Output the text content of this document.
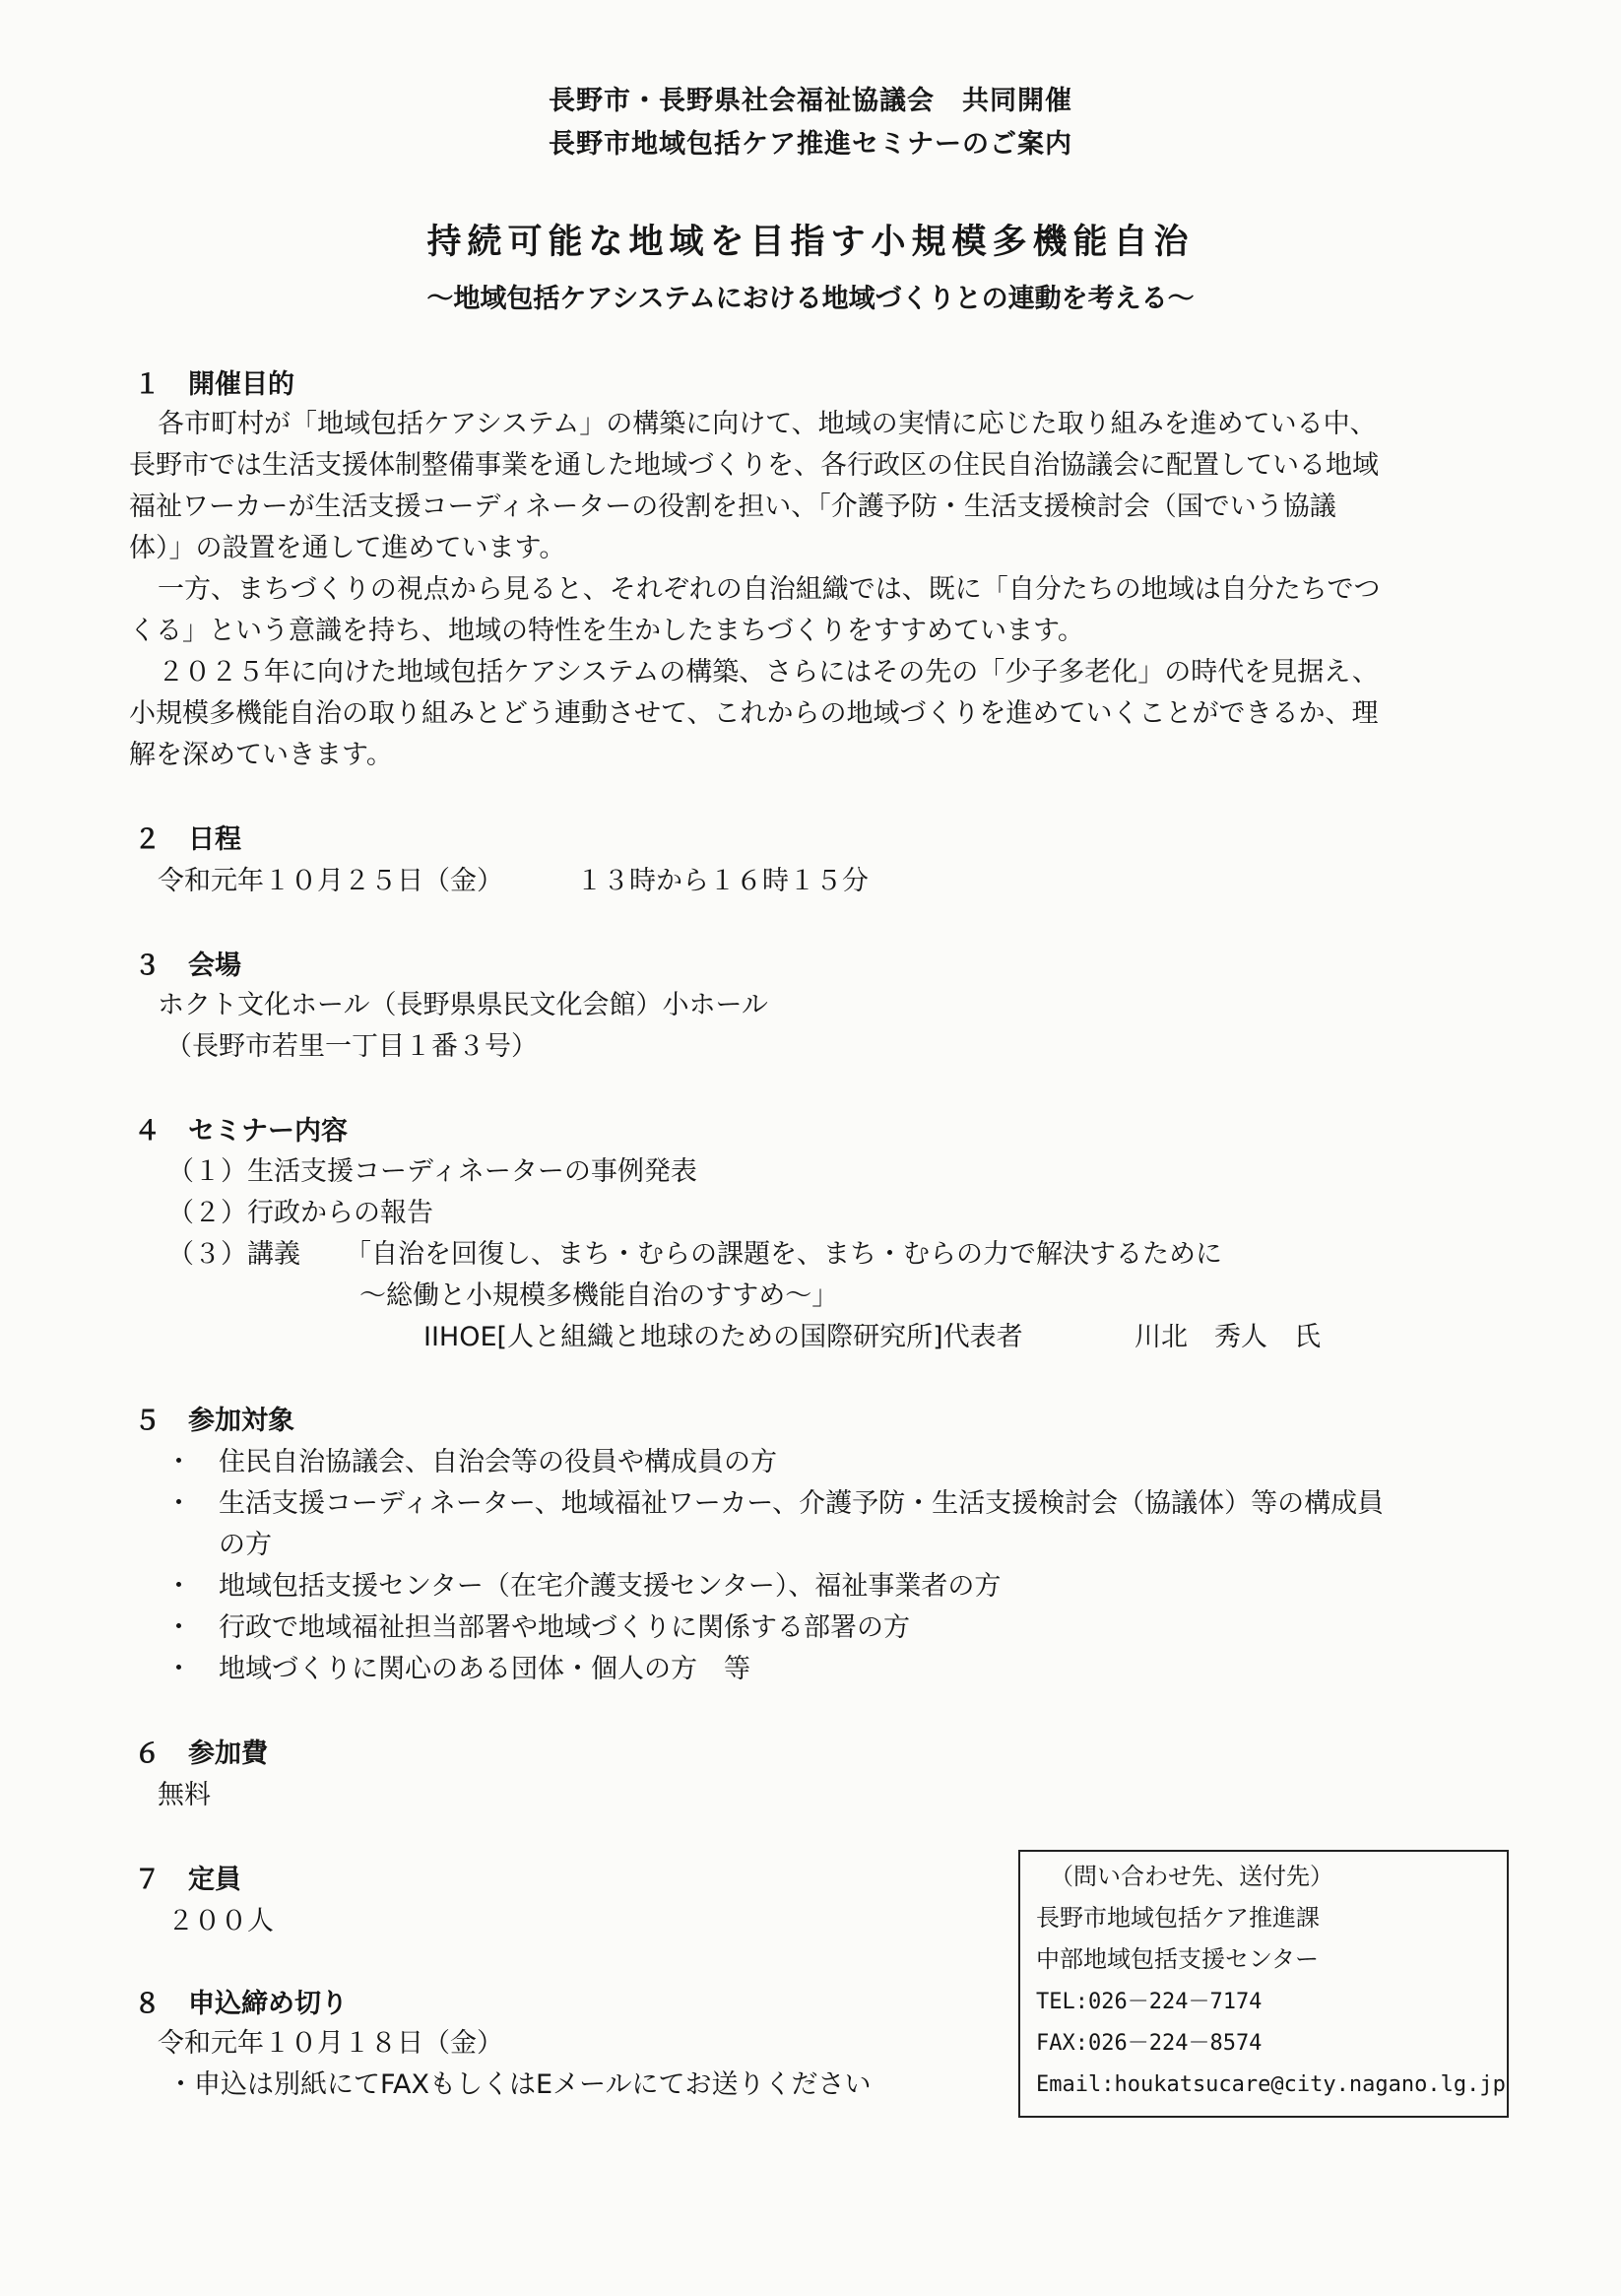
長野市・長野県社会福祉協議会　共同開催
長野市地域包括ケア推進セミナーのご案内
持続可能な地域を目指す小規模多機能自治
～地域包括ケアシステムにおける地域づくりとの連動を考える～
１ 開催目的
各市町村が「地域包括ケアシステム」の構築に向けて、地域の実情に応じた取り組みを進めている中、
長野市では生活支援体制整備事業を通した地域づくりを、各行政区の住民自治協議会に配置している地域
福祉ワーカーが生活支援コーディネーターの役割を担い、「介護予防・生活支援検討会（国でいう協議
体）」の設置を通して進めています。
一方、まちづくりの視点から見ると、それぞれの自治組織では、既に「自分たちの地域は自分たちでつ
くる」という意識を持ち、地域の特性を生かしたまちづくりをすすめています。
２０２５年に向けた地域包括ケアシステムの構築、さらにはその先の「少子多老化」の時代を見据え、
小規模多機能自治の取り組みとどう連動させて、これからの地域づくりを進めていくことができるか、理
解を深めていきます。
２ 日程
令和元年１０月２５日（金）	１３時から１６時１５分
３ 会場
ホクト文化ホール（長野県県民文化会館）小ホール
（長野市若里一丁目１番３号）
４ セミナー内容
（１）生活支援コーディネーターの事例発表
（２）行政からの報告
（３）講義 「自治を回復し、まち・むらの課題を、まち・むらの力で解決するために
～総働と小規模多機能自治のすすめ～」
IIHOE[人と組織と地球のための国際研究所]代表者	川北　秀人　氏
５ 参加対象
・ 住民自治協議会、自治会等の役員や構成員の方
・ 生活支援コーディネーター、地域福祉ワーカー、介護予防・生活支援検討会（協議体）等の構成員
の方
・ 地域包括支援センター（在宅介護支援センター）、福祉事業者の方
・ 行政で地域福祉担当部署や地域づくりに関係する部署の方
・ 地域づくりに関心のある団体・個人の方　等
６ 参加費
無料
７ 定員
２００人
８ 申込締め切り
令和元年１０月１８日（金）
・申込は別紙にてFAXもしくはEメールにてお送りください
（問い合わせ先、送付先）
長野市地域包括ケア推進課
中部地域包括支援センター
TEL:026－224－7174
FAX:026－224－8574
Email:houkatsucare@city.nagano.lg.jp
